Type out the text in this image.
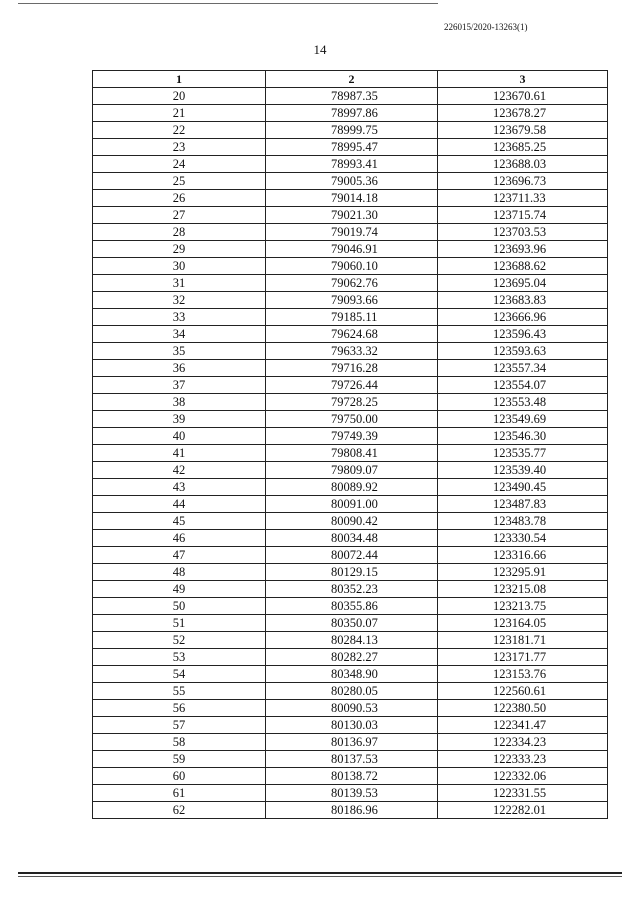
226015/2020-13263(1)
14
1	2	3
20	78987.35	123670.61
21	78997.86	123678.27
22	78999.75	123679.58
23	78995.47	123685.25
24	78993.41	123688.03
25	79005.36	123696.73
26	79014.18	123711.33
27	79021.30	123715.74
28	79019.74	123703.53
29	79046.91	123693.96
30	79060.10	123688.62
31	79062.76	123695.04
32	79093.66	123683.83
33	79185.11	123666.96
34	79624.68	123596.43
35	79633.32	123593.63
36	79716.28	123557.34
37	79726.44	123554.07
38	79728.25	123553.48
39	79750.00	123549.69
40	79749.39	123546.30
41	79808.41	123535.77
42	79809.07	123539.40
43	80089.92	123490.45
44	80091.00	123487.83
45	80090.42	123483.78
46	80034.48	123330.54
47	80072.44	123316.66
48	80129.15	123295.91
49	80352.23	123215.08
50	80355.86	123213.75
51	80350.07	123164.05
52	80284.13	123181.71
53	80282.27	123171.77
54	80348.90	123153.76
55	80280.05	122560.61
56	80090.53	122380.50
57	80130.03	122341.47
58	80136.97	122334.23
59	80137.53	122333.23
60	80138.72	122332.06
61	80139.53	122331.55
62	80186.96	122282.01
